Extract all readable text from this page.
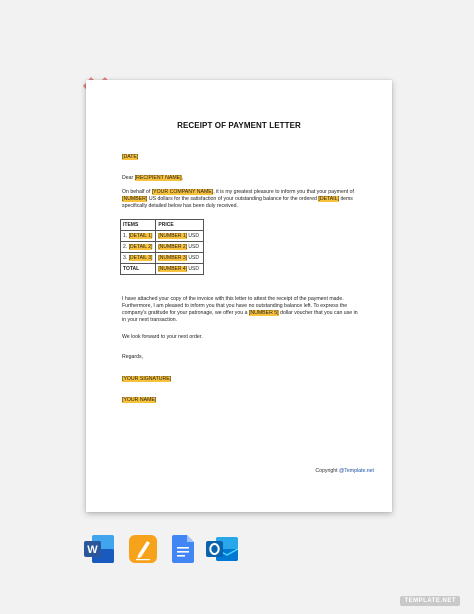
RECEIPT OF PAYMENT LETTER
[DATE]
Dear [RECIPIENT NAME],
On behalf of [YOUR COMPANY NAME], it is my greatest pleasure to inform you that your payment of
[NUMBER] US dollars for the satisfaction of your outstanding balance for the ordered [DETAIL] items
specifically detailed below has been duly received.
ITEMS	PRICE
1. [DETAIL 1]	[NUMBER 1] USD
2. [DETAIL 2]	[NUMBER 2] USD
3. [DETAIL 3]	[NUMBER 3] USD
TOTAL	[NUMBER 4] USD
I have attached your copy of the invoice with this letter to attest the receipt of the payment made.
Furthermore, I am pleased to inform you that you have no outstanding balance left. To express the
company's gratitude for your patronage, we offer you a [NUMBER 5] dollar voucher that you can use in
in your next transaction.
We look forward to your next order.
Regards,
[YOUR SIGNATURE]
[YOUR NAME]
Copyright @Template.net
W
TEMPLATE.NET
